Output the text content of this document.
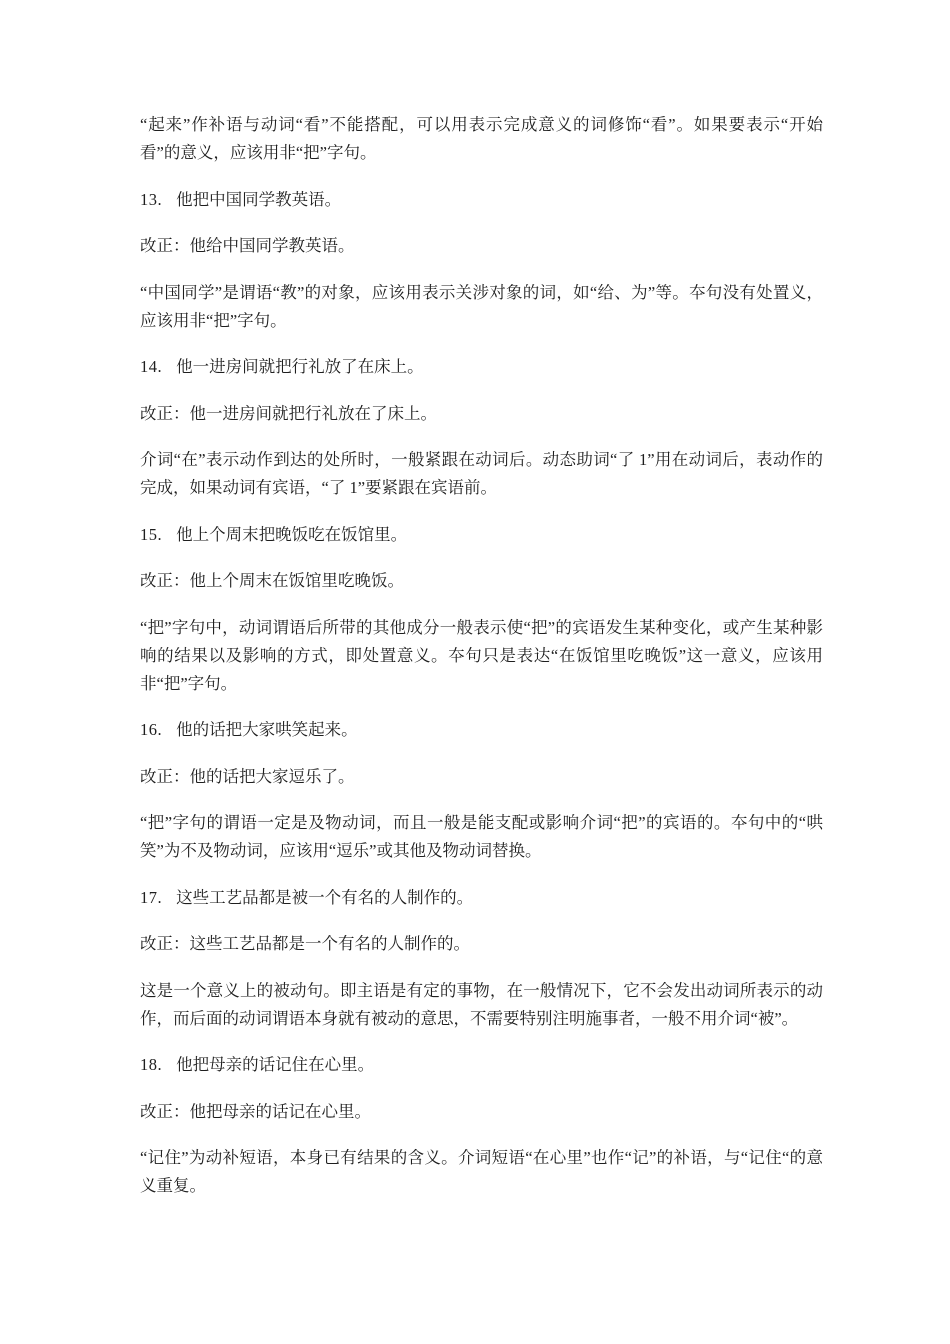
“起来”作补语与动词“看”不能搭配，可以用表示完成意义的词修饰“看”。如果要表示“开始看”的意义，应该用非“把”字句。

13. 他把中国同学教英语。

改正：他给中国同学教英语。

“中国同学”是谓语“教”的对象，应该用表示关涉对象的词，如“给、为”等。夲句没有处置义，应该用非“把”字句。

14. 他一进房间就把行礼放了在床上。

改正：他一进房间就把行礼放在了床上。

介词“在”表示动作到达的处所时，一般紧跟在动词后。动态助词“了 1”用在动词后，表动作的完成，如果动词有宾语，“了 1”要紧跟在宾语前。

15. 他上个周末把晚饭吃在饭馆里。

改正：他上个周末在饭馆里吃晚饭。

“把”字句中，动词谓语后所带的其他成分一般表示使“把”的宾语发生某种变化，或产生某种影响的结果以及影响的方式，即处置意义。夲句只是表达“在饭馆里吃晚饭”这一意义，应该用非“把”字句。

16. 他的话把大家哄笑起来。

改正：他的话把大家逗乐了。

“把”字句的谓语一定是及物动词，而且一般是能支配或影响介词“把”的宾语的。夲句中的“哄笑”为不及物动词，应该用“逗乐”或其他及物动词替换。

17. 这些工艺品都是被一个有名的人制作的。

改正：这些工艺品都是一个有名的人制作的。

这是一个意义上的被动句。即主语是有定的事物，在一般情况下，它不会发出动词所表示的动作，而后面的动词谓语本身就有被动的意思，不需要特别注明施事者，一般不用介词“被”。

18. 他把母亲的话记住在心里。

改正：他把母亲的话记在心里。

“记住”为动补短语，本身已有结果的含义。介词短语“在心里”也作“记”的补语，与“记住“的意义重复。
